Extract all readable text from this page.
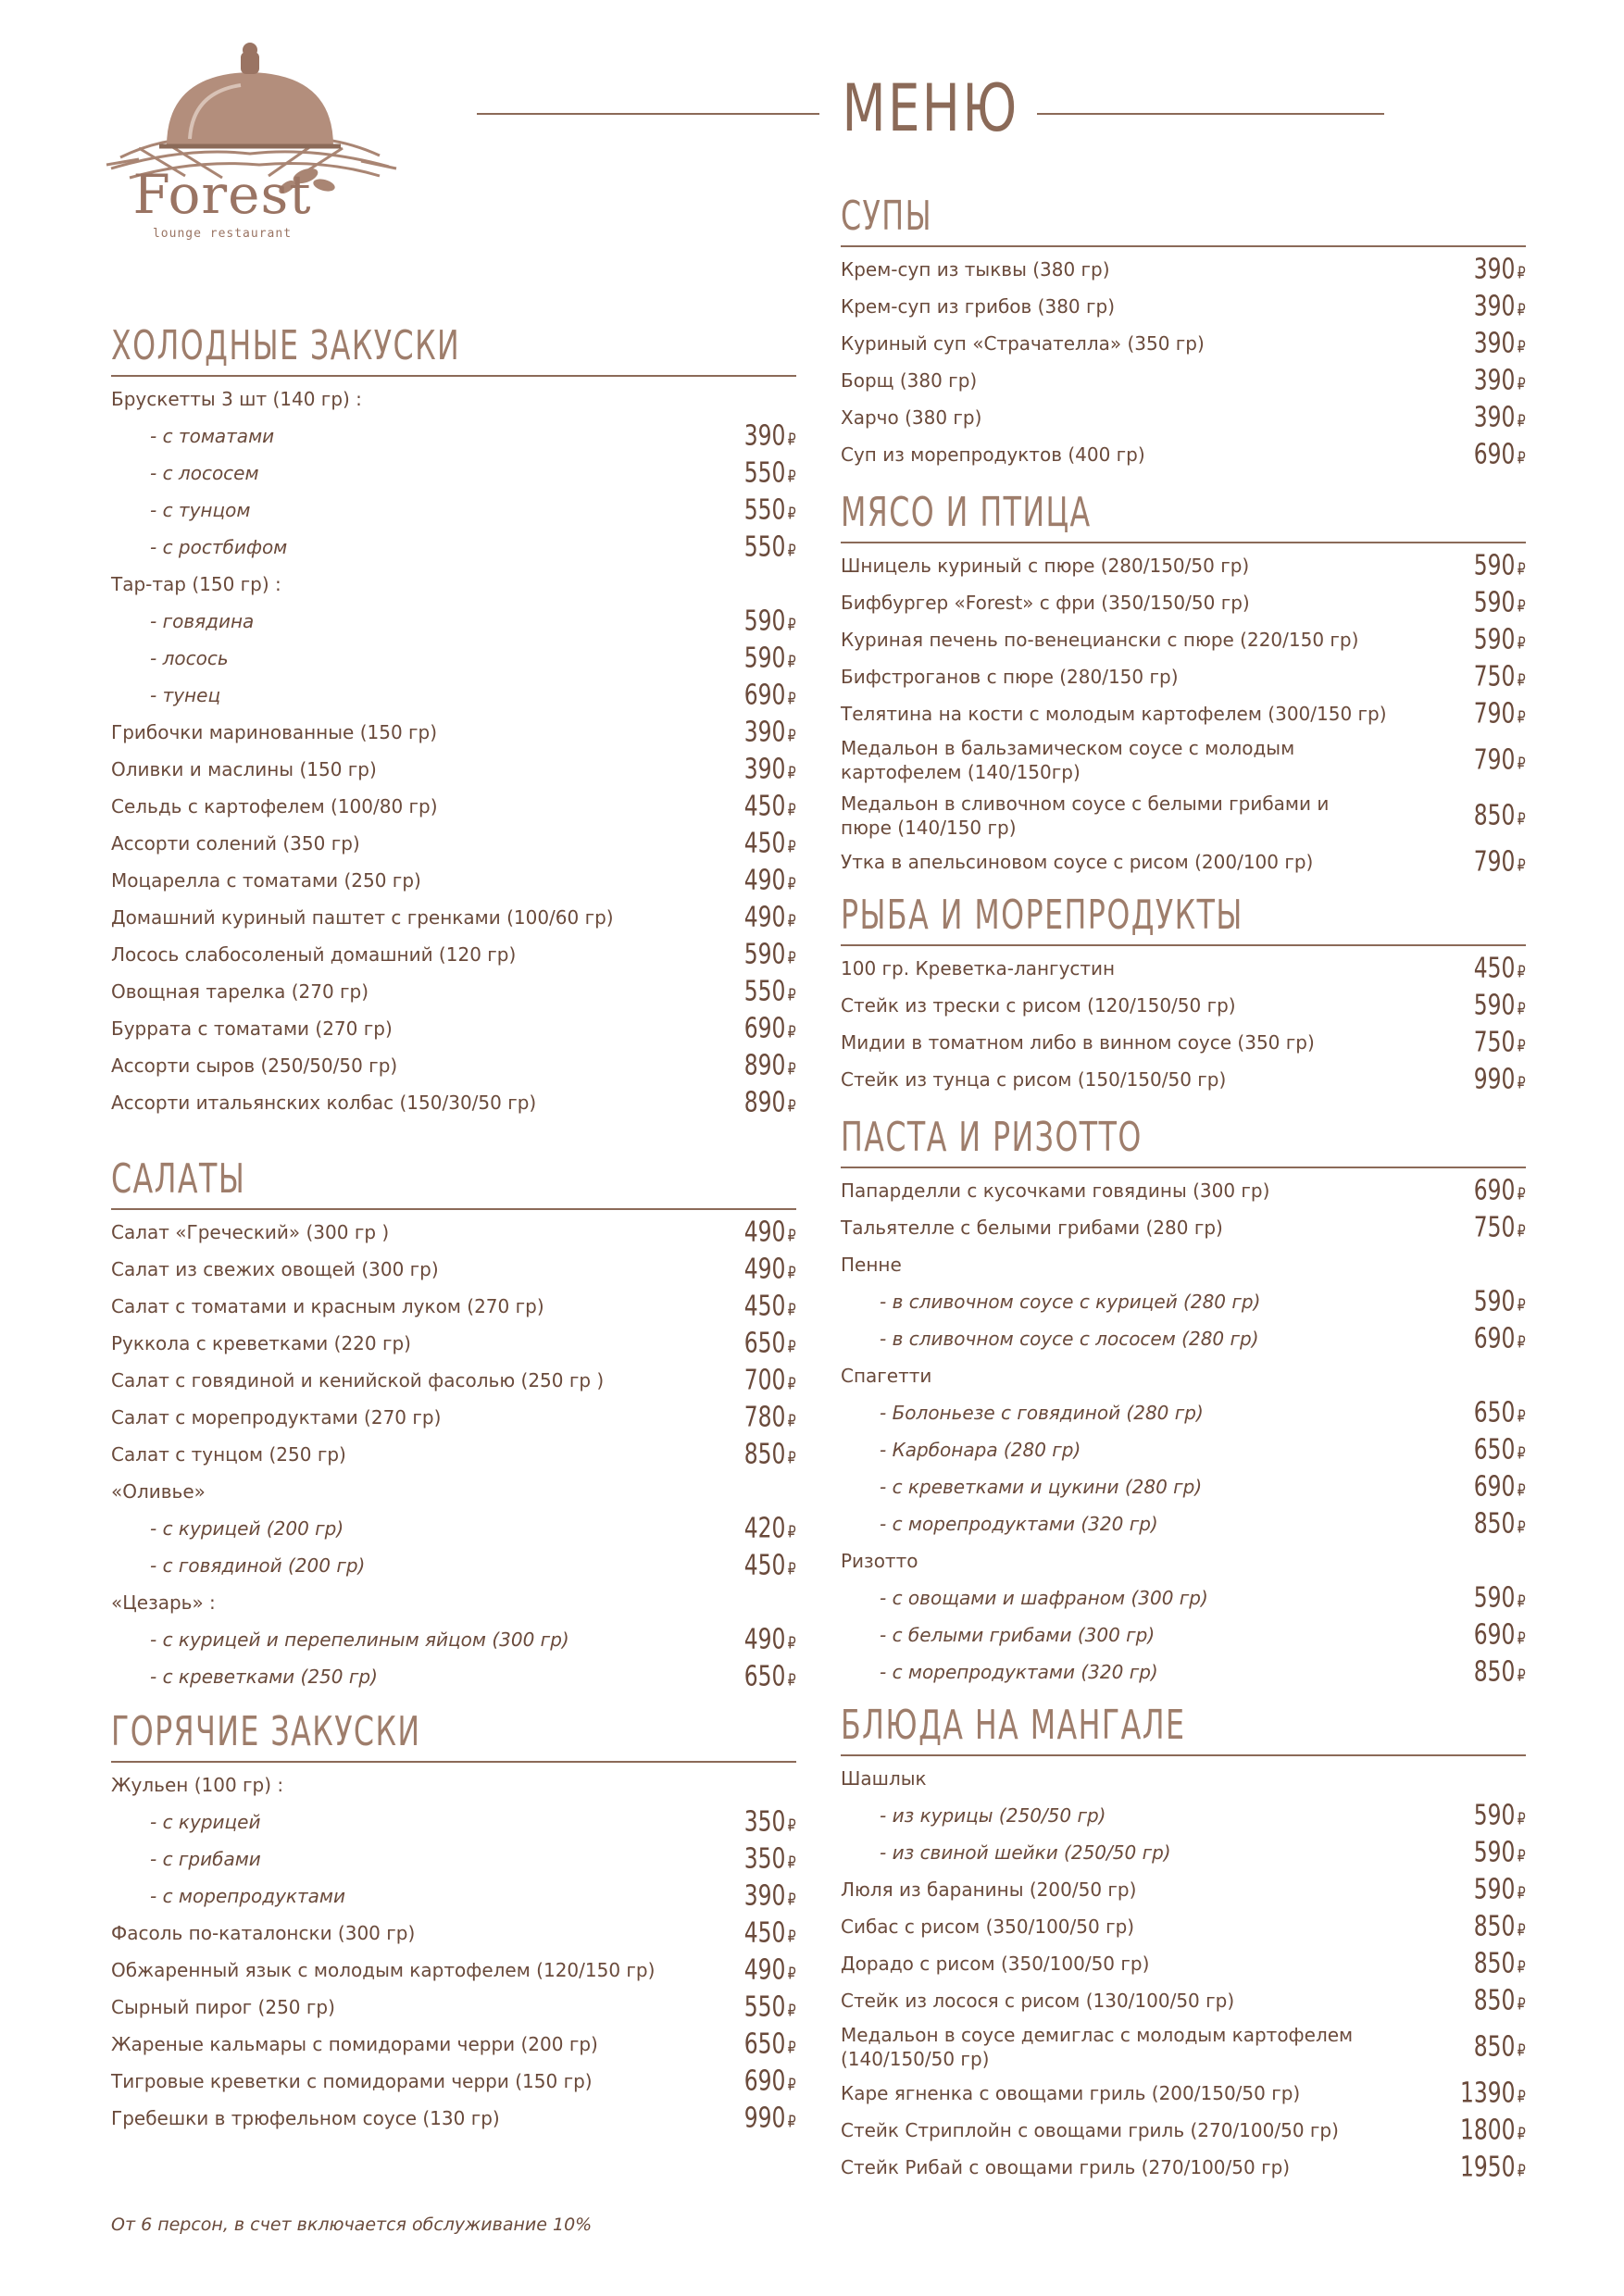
Forest
lounge restaurant
МЕНЮ
ХОЛОДНЫЕ ЗАКУСКИ
Брускетты 3 шт (140 гр) :
- с томатами	390 ₽
- с лососем	550 ₽
- с тунцом	550 ₽
- с ростбифом	550 ₽
Тар-тар (150 гр) :
- говядина	590 ₽
- лосось	590 ₽
- тунец	690 ₽
Грибочки маринованные (150 гр)	390 ₽
Оливки и маслины (150 гр)	390 ₽
Сельдь с картофелем (100/80 гр)	450 ₽
Ассорти солений (350 гр)	450 ₽
Моцарелла с томатами (250 гр)	490 ₽
Домашний куриный паштет с гренками (100/60 гр)	490 ₽
Лосось слабосоленый домашний (120 гр)	590 ₽
Овощная тарелка (270 гр)	550 ₽
Буррата с томатами (270 гр)	690 ₽
Ассорти сыров (250/50/50 гр)	890 ₽
Ассорти итальянских колбас (150/30/50 гр)	890 ₽
САЛАТЫ
Салат «Греческий» (300 гр )	490 ₽
Салат из свежих овощей (300 гр)	490 ₽
Салат с томатами и красным луком (270 гр)	450 ₽
Руккола с креветками (220 гр)	650 ₽
Салат с говядиной и кенийской фасолью (250 гр )	700 ₽
Салат с морепродуктами (270 гр)	780 ₽
Салат с тунцом (250 гр)	850 ₽
«Оливье»
- с курицей (200 гр)	420 ₽
- с говядиной (200 гр)	450 ₽
«Цезарь» :
- с курицей и перепелиным яйцом (300 гр)	490 ₽
- с креветками (250 гр)	650 ₽
ГОРЯЧИЕ ЗАКУСКИ
Жульен (100 гр) :
- с курицей	350 ₽
- с грибами	350 ₽
- с морепродуктами	390 ₽
Фасоль по-каталонски (300 гр)	450 ₽
Обжаренный язык с молодым картофелем (120/150 гр)	490 ₽
Сырный пирог (250 гр)	550 ₽
Жареные кальмары с помидорами черри (200 гр)	650 ₽
Тигровые креветки с помидорами черри (150 гр)	690 ₽
Гребешки в трюфельном соусе (130 гр)	990 ₽
СУПЫ
Крем-суп из тыквы (380 гр)	390 ₽
Крем-суп из грибов (380 гр)	390 ₽
Куриный суп «Страчателла» (350 гр)	390 ₽
Борщ (380 гр)	390 ₽
Харчо (380 гр)	390 ₽
Суп из морепродуктов (400 гр)	690 ₽
МЯСО И ПТИЦА
Шницель куриный с пюре (280/150/50 гр)	590 ₽
Бифбургер «Forest» с фри (350/150/50 гр)	590 ₽
Куриная печень по-венециански с пюре (220/150 гр)	590 ₽
Бифстроганов с пюре (280/150 гр)	750 ₽
Телятина на кости с молодым картофелем (300/150 гр)	790 ₽
Медальон в бальзамическом соусе с молодым картофелем (140/150гр)	790 ₽
Медальон в сливочном соусе с белыми грибами и пюре (140/150 гр)	850 ₽
Утка в апельсиновом соусе с рисом (200/100 гр)	790 ₽
РЫБА И МОРЕПРОДУКТЫ
100 гр. Креветка-лангустин	450 ₽
Стейк из трески с рисом (120/150/50 гр)	590 ₽
Мидии в томатном либо в винном соусе (350 гр)	750 ₽
Стейк из тунца с рисом (150/150/50 гр)	990 ₽
ПАСТА И РИЗОТТО
Папарделли с кусочками говядины (300 гр)	690 ₽
Тальятелле с белыми грибами (280 гр)	750 ₽
Пенне
- в сливочном соусе с курицей (280 гр)	590 ₽
- в сливочном соусе с лососем (280 гр)	690 ₽
Спагетти
- Болоньезе с говядиной (280 гр)	650 ₽
- Карбонара (280 гр)	650 ₽
- с креветками и цукини (280 гр)	690 ₽
- с морепродуктами (320 гр)	850 ₽
Ризотто
- с овощами и шафраном (300 гр)	590 ₽
- с белыми грибами (300 гр)	690 ₽
- с морепродуктами (320 гр)	850 ₽
БЛЮДА НА МАНГАЛЕ
Шашлык
- из курицы (250/50 гр)	590 ₽
- из свиной шейки (250/50 гр)	590 ₽
Люля из баранины (200/50 гр)	590 ₽
Сибас с рисом (350/100/50 гр)	850 ₽
Дорадо с рисом (350/100/50 гр)	850 ₽
Стейк из лосося с рисом (130/100/50 гр)	850 ₽
Медальон в соусе демиглас с молодым картофелем (140/150/50 гр)	850 ₽
Каре ягненка с овощами гриль (200/150/50 гр)	1390 ₽
Стейк Стриплойн с овощами гриль (270/100/50 гр)	1800 ₽
Стейк Рибай с овощами гриль (270/100/50 гр)	1950 ₽
От 6 персон, в счет включается обслуживание 10%
